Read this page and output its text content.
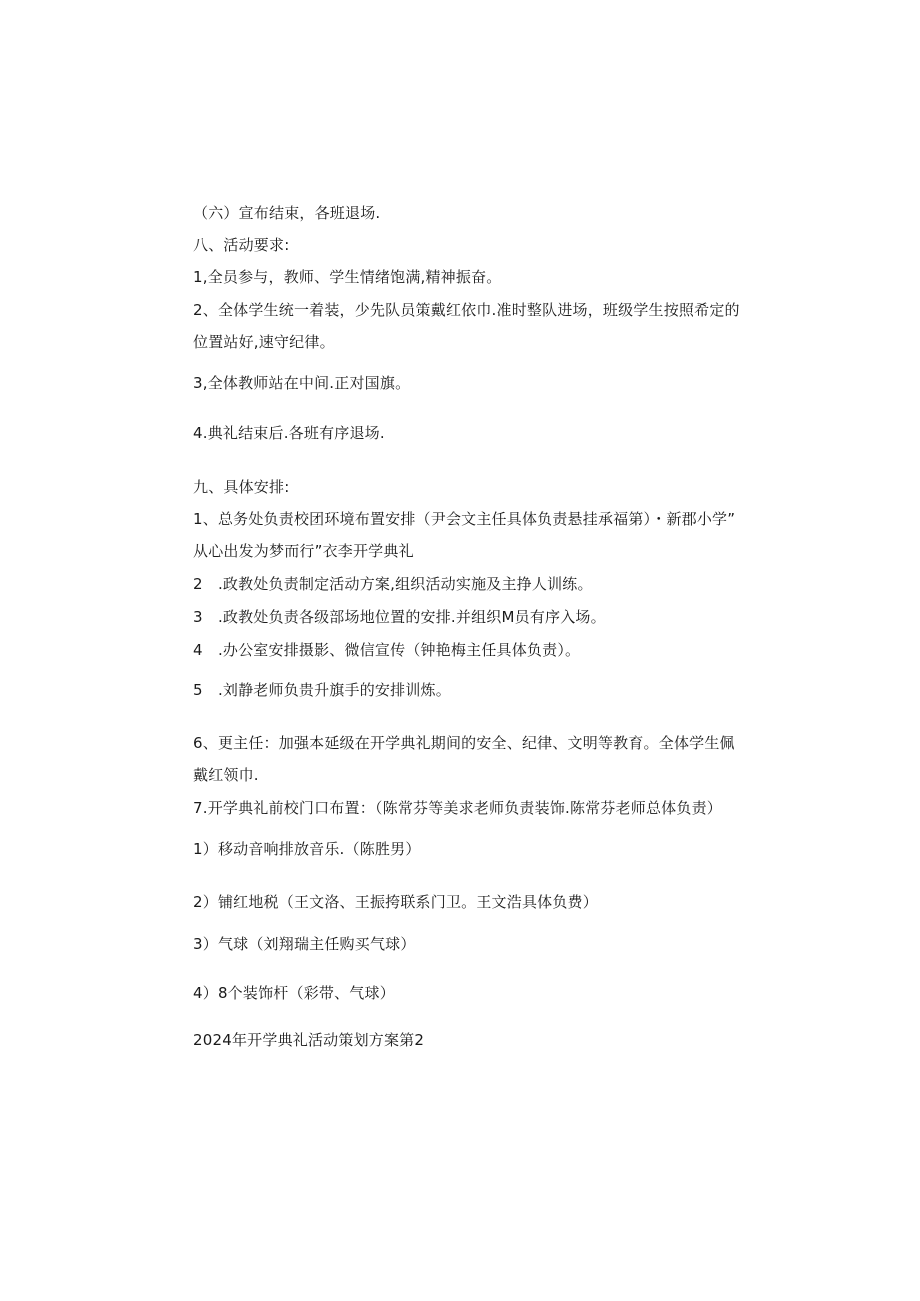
（六）宣布结束，各班退场.
八、活动要求:
1,全员参与，教师、学生情绪饱满,精神振奋。
2、全体学生统一着装，少先队员策戴红依巾.准时整队进场，班级学生按照希定的
位置站好,速守纪律。
3,全体教师站在中间.正对国旗。
4.典礼结束后.各班有序退场.
九、具体安排:
1、总务处负责校团环境布置安排（尹会文主任具体负责悬挂承福第）・新郡小学”
从心出发为梦而行”衣李开学典礼
2　.政教处负责制定活动方案,组织活动实施及主挣人训练。
3　.政教处负责各级部场地位置的安排.并组织M员有序入场。
4　.办公室安排摄影、微信宣传（钟艳梅主任具体负责）。
5　.刘静老师负贵升旗手的安排训炼。
6、更主任：加强本延级在开学典礼期间的安全、纪律、文明等教育。全体学生佩
戴红领巾.
7.开学典礼前校门口布置：（陈常芬等美求老师负责装饰.陈常芬老师总体负责）
1）移动音响排放音乐.（陈胜男）
2）铺红地税（王文洛、王振挎联系门卫。王文浩具体负费）
3）气球（刘翔瑞主任购买气球）
4）8个装饰杆（彩带、气球）
2024年开学典礼活动策划方案第2
